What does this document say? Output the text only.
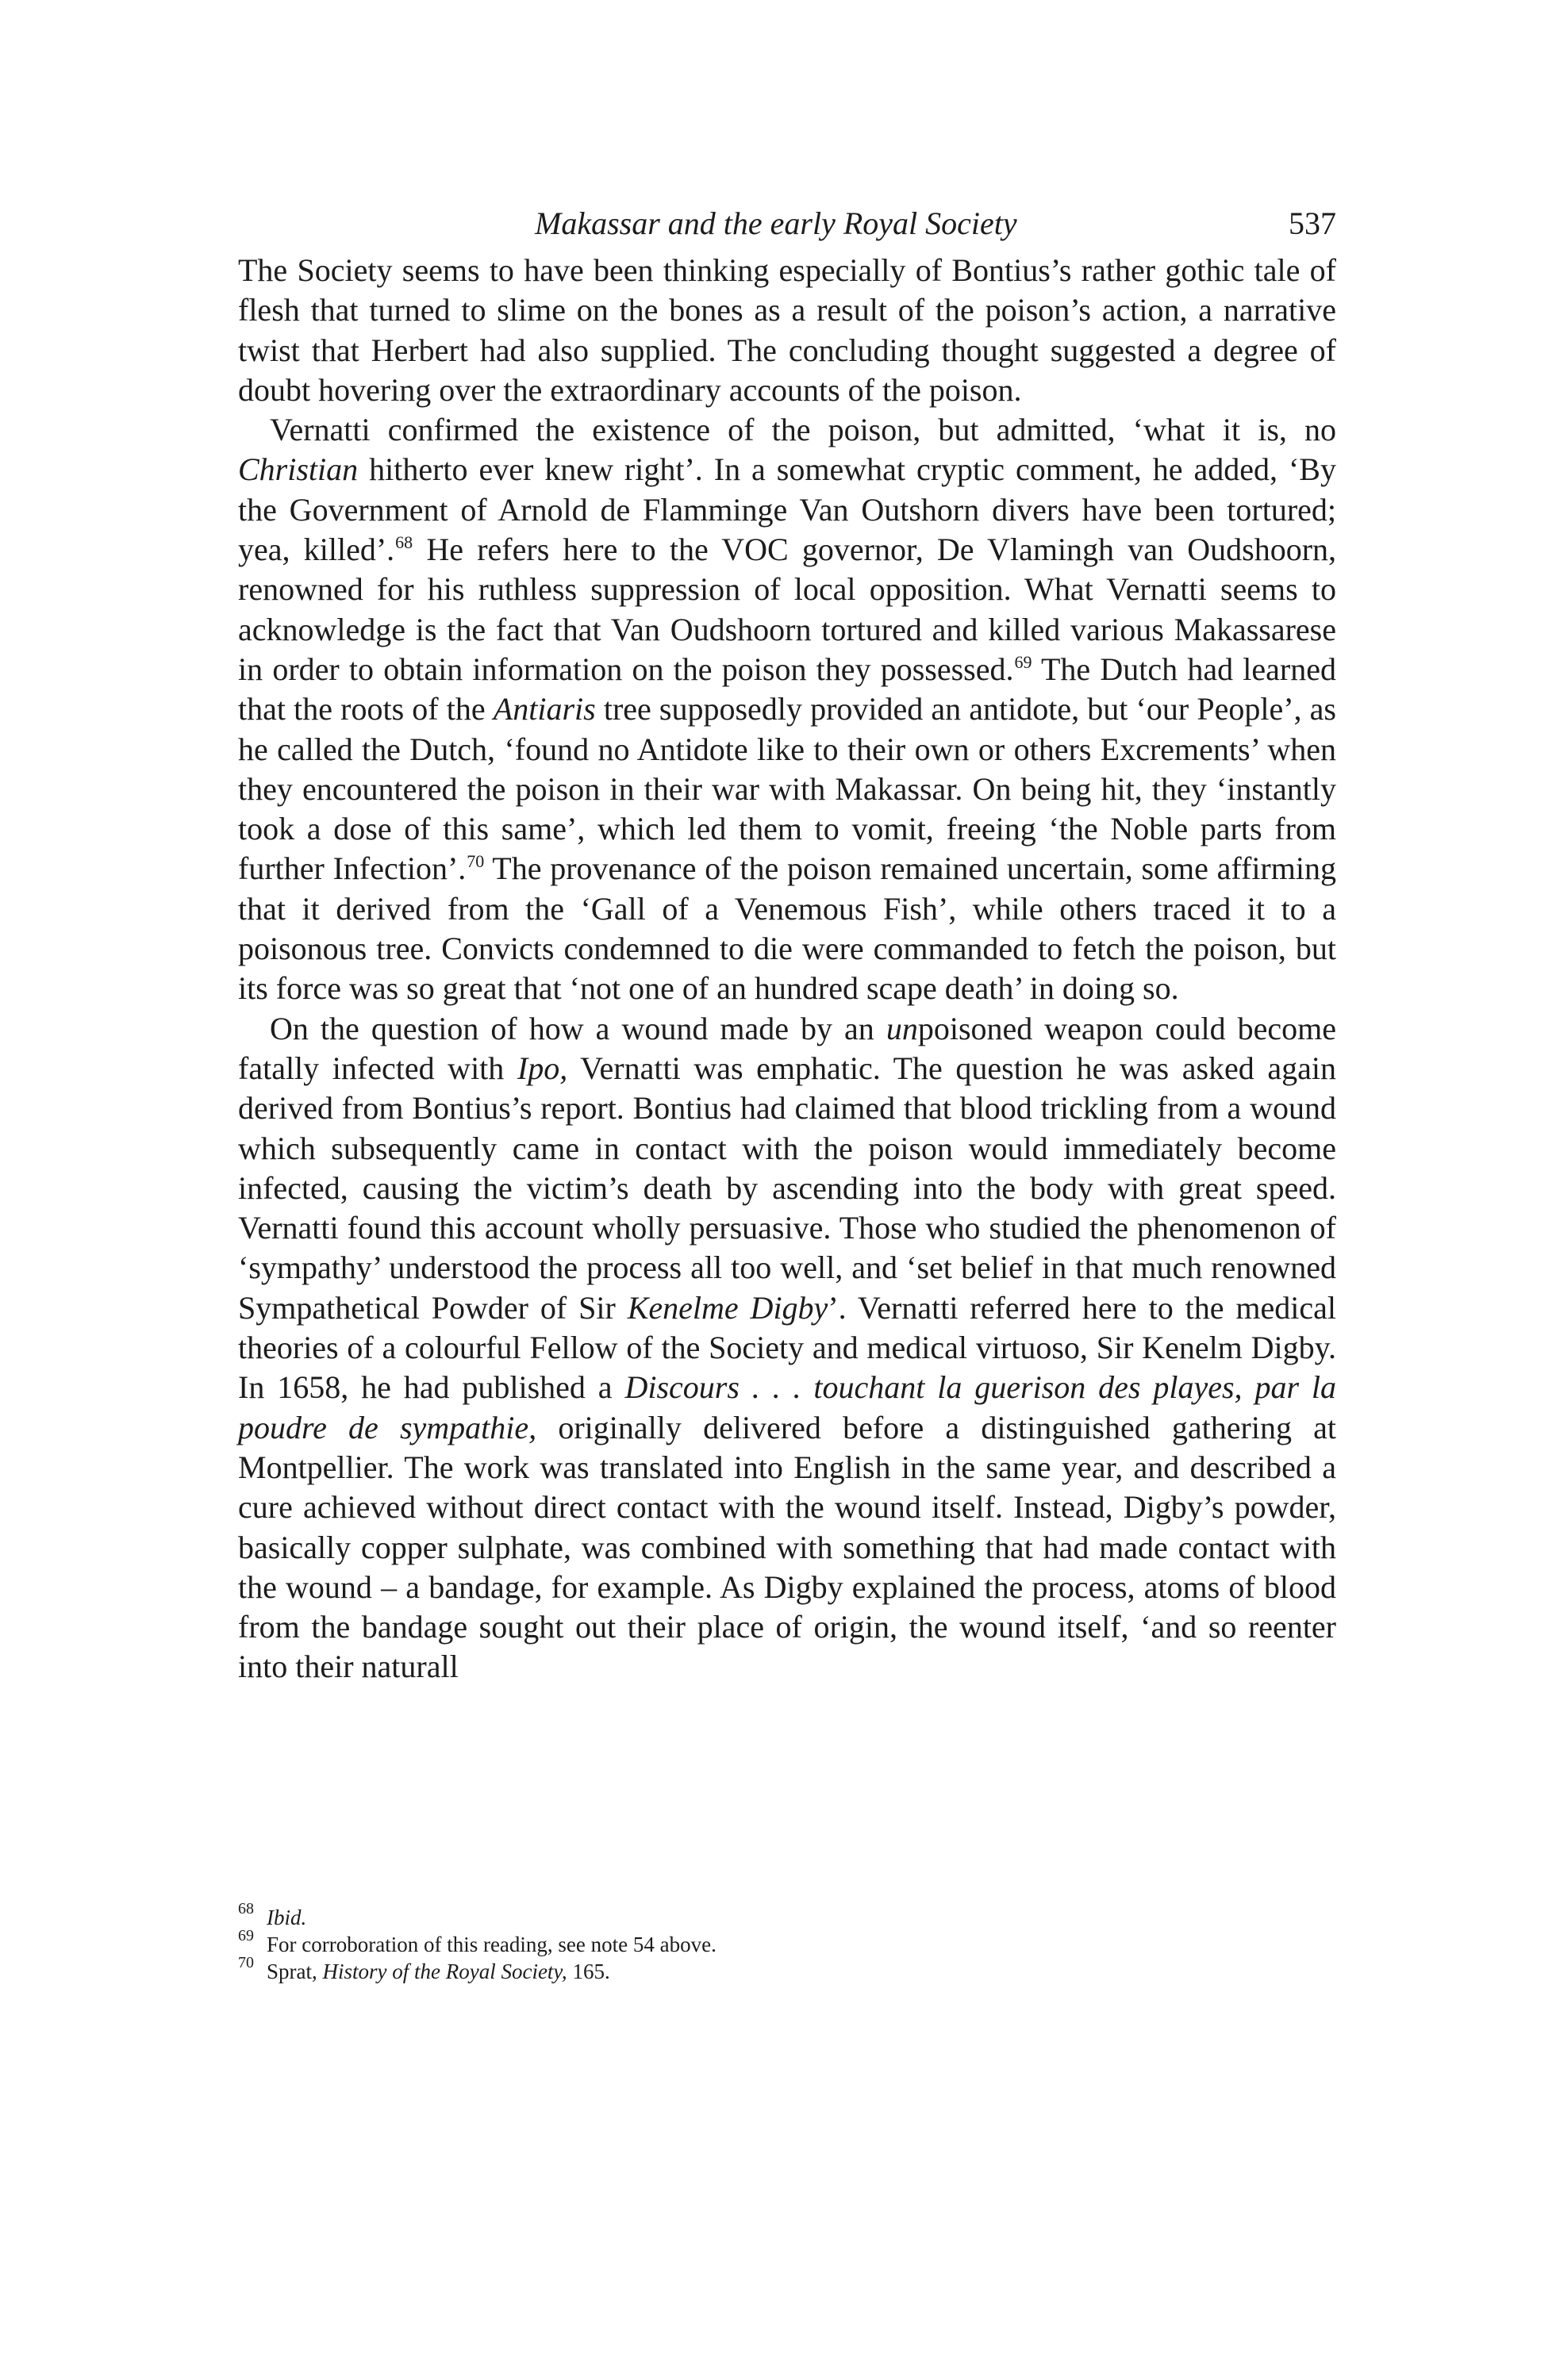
Makassar and the early Royal Society	537

The Society seems to have been thinking especially of Bontius’s rather gothic tale of flesh that turned to slime on the bones as a result of the poison’s action, a narrative twist that Herbert had also supplied. The concluding thought suggested a degree of doubt hovering over the extraordinary accounts of the poison.

Vernatti confirmed the existence of the poison, but admitted, ‘what it is, no Christian hitherto ever knew right’. In a somewhat cryptic comment, he added, ‘By the Government of Arnold de Flamminge Van Outshorn divers have been tortured; yea, killed’.$^{68}$ He refers here to the VOC governor, De Vlamingh van Oudshoorn, renowned for his ruthless suppression of local opposition. What Vernatti seems to acknowledge is the fact that Van Oudshoorn tortured and killed various Makassarese in order to obtain information on the poison they possessed.$^{69}$ The Dutch had learned that the roots of the Antiaris tree supposedly provided an antidote, but ‘our People’, as he called the Dutch, ‘found no Antidote like to their own or others Excrements’ when they encountered the poison in their war with Makassar. On being hit, they ‘instantly took a dose of this same’, which led them to vomit, freeing ‘the Noble parts from further Infection’.$^{70}$ The provenance of the poison remained uncertain, some affirming that it derived from the ‘Gall of a Venemous Fish’, while others traced it to a poisonous tree. Convicts condemned to die were commanded to fetch the poison, but its force was so great that ‘not one of an hundred scape death’ in doing so.

On the question of how a wound made by an unpoisoned weapon could become fatally infected with Ipo, Vernatti was emphatic. The question he was asked again derived from Bontius’s report. Bontius had claimed that blood trickling from a wound which subsequently came in contact with the poison would immediately become infected, causing the victim’s death by ascending into the body with great speed. Vernatti found this account wholly persuasive. Those who studied the phenomenon of ‘sympathy’ understood the process all too well, and ‘set belief in that much renowned Sympathetical Powder of Sir Kenelme Digby’. Vernatti referred here to the medical theories of a colourful Fellow of the Society and medical virtuoso, Sir Kenelm Digby. In 1658, he had published a Discours . . . touchant la guerison des playes, par la poudre de sympathie, originally delivered before a distinguished gathering at Montpellier. The work was translated into English in the same year, and described a cure achieved without direct contact with the wound itself. Instead, Digby’s powder, basically copper sulphate, was combined with something that had made contact with the wound – a bandage, for example. As Digby explained the process, atoms of blood from the bandage sought out their place of origin, the wound itself, ‘and so reenter into their naturall

68 Ibid.

69 For corroboration of this reading, see note 54 above.

70 Sprat, History of the Royal Society, 165.
